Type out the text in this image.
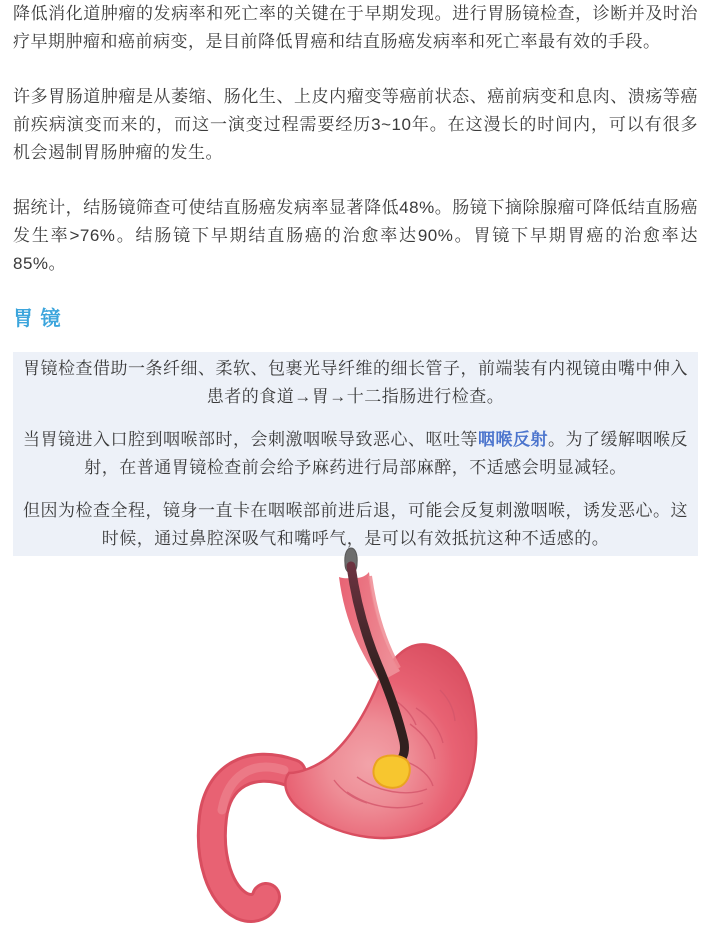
降低消化道肿瘤的发病率和死亡率的关键在于早期发现。进行胃肠镜检查，诊断并及时治疗早期肿瘤和癌前病变，是目前降低胃癌和结直肠癌发病率和死亡率最有效的手段。

许多胃肠道肿瘤是从萎缩、肠化生、上皮内瘤变等癌前状态、癌前病变和息肉、溃疡等癌前疾病演变而来的，而这一演变过程需要经历3~10年。在这漫长的时间内，可以有很多机会遏制胃肠肿瘤的发生。

据统计，结肠镜筛查可使结直肠癌发病率显著降低48%。肠镜下摘除腺瘤可降低结直肠癌发生率>76%。结肠镜下早期结直肠癌的治愈率达90%。胃镜下早期胃癌的治愈率达85%。

胃 镜

胃镜检查借助一条纤细、柔软、包裹光导纤维的细长管子，前端装有内视镜由嘴中伸入患者的食道→胃→十二指肠进行检查。

当胃镜进入口腔到咽喉部时，会刺激咽喉导致恶心、呕吐等咽喉反射。为了缓解咽喉反射，在普通胃镜检查前会给予麻药进行局部麻醉，不适感会明显减轻。

但因为检查全程，镜身一直卡在咽喉部前进后退，可能会反复刺激咽喉，诱发恶心。这时候，通过鼻腔深吸气和嘴呼气，是可以有效抵抗这种不适感的。
